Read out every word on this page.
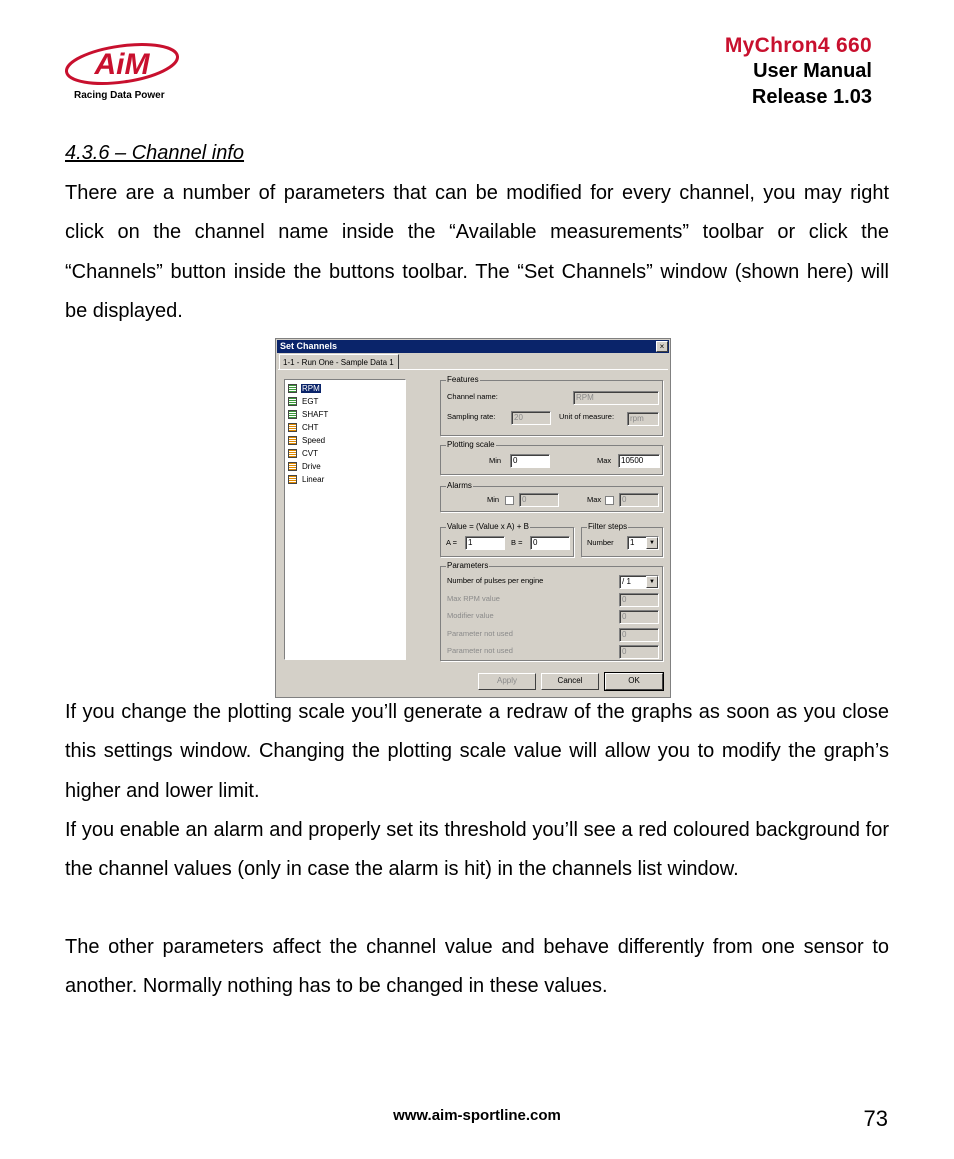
AiM
Racing Data Power
MyChron4 660
User Manual
Release 1.03
4.3.6 – Channel info
There are a number of parameters that can be modified for every channel, you may right click on the channel name inside the “Available measurements” toolbar or click the “Channels” button inside the buttons toolbar. The “Set Channels” window (shown here) will be displayed.
Set Channels	×
1-1 - Run One - Sample Data 1
RPM
EGT
SHAFT
CHT
Speed
CVT
Drive
Linear
Features
Channel name:	RPM
Sampling rate:	20	Unit of measure:	rpm
Plotting scale
Min	0	Max	10500
Alarms
Min	0	Max	0
Value = (Value x A) + B
A =	1	B =	0
Filter steps
Number	1	▼
Parameters
Number of pulses per engine	/ 1	▼
Max RPM value	0
Modifier value	0
Parameter not used	0
Parameter not used	0
Apply	Cancel	OK
If you change the plotting scale you’ll generate a redraw of the graphs as soon as you close this settings window. Changing the plotting scale value will allow you to modify the graph’s higher and lower limit.
If you enable an alarm and properly set its threshold you’ll see a red coloured background for the channel values (only in case the alarm is hit) in the channels list window.
The other parameters affect the channel value and behave differently from one sensor to another. Normally nothing has to be changed in these values.
www.aim-sportline.com	73
